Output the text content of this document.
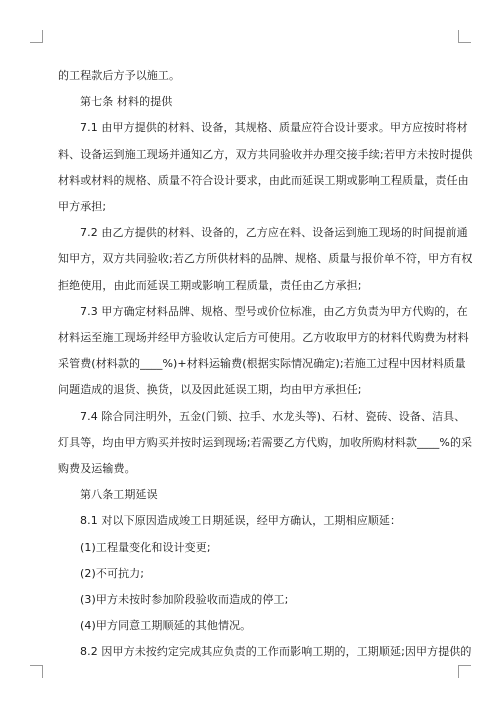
的工程款后方予以施工。
第七条 材料的提供
7.1 由甲方提供的材料、设备，其规格、质量应符合设计要求。甲方应按时将材
料、设备运到施工现场并通知乙方，双方共同验收并办理交接手续;若甲方未按时提供
材料或材料的规格、质量不符合设计要求，由此而延误工期或影响工程质量，责任由
甲方承担;
7.2 由乙方提供的材料、设备的，乙方应在料、设备运到施工现场的时间提前通
知甲方，双方共同验收;若乙方所供材料的品牌、规格、质量与报价单不符，甲方有权
拒绝使用，由此而延误工期或影响工程质量，责任由乙方承担;
7.3 甲方确定材料品牌、规格、型号或价位标准，由乙方负责为甲方代购的，在
材料运至施工现场并经甲方验收认定后方可使用。乙方收取甲方的材料代购费为材料
采管费(材料款的____%)+材料运输费(根据实际情况确定);若施工过程中因材料质量
问题造成的退货、换货，以及因此延误工期，均由甲方承担任;
7.4 除合同注明外，五金(门锁、拉手、水龙头等)、石材、瓷砖、设备、洁具、
灯具等，均由甲方购买并按时运到现场;若需要乙方代购，加收所购材料款____%的采
购费及运输费。
第八条工期延误
8.1 对以下原因造成竣工日期延误，经甲方确认，工期相应顺延：
(1)工程量变化和设计变更;
(2)不可抗力;
(3)甲方未按时参加阶段验收而造成的停工;
(4)甲方同意工期顺延的其他情况。
8.2 因甲方未按约定完成其应负责的工作而影响工期的，工期顺延;因甲方提供的
